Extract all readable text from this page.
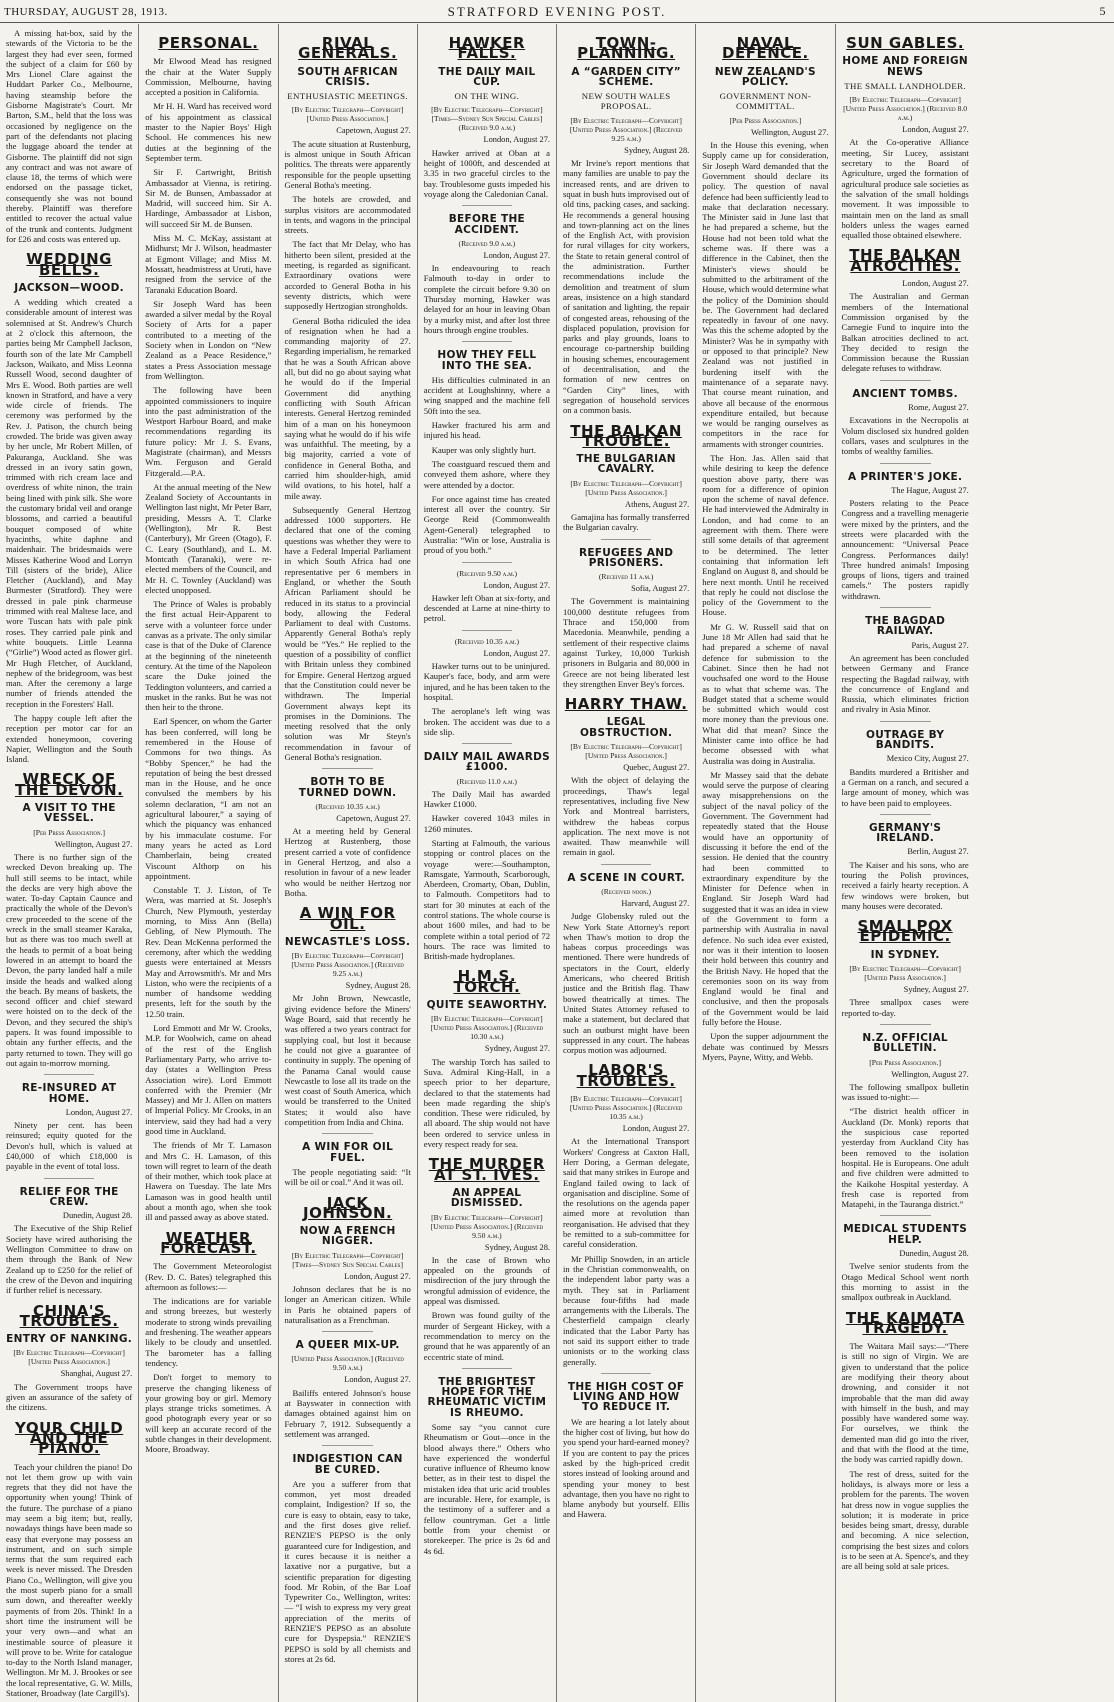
THURSDAY, AUGUST 28, 1913.	STRATFORD EVENING POST.	5

A missing hat-box, said by the stewards of the Victoria to be the largest they had ever seen, formed the subject of a claim for £60 by Mrs Lionel Clare against the Huddart Parker Co., Melbourne, having steamship before the Gisborne Magistrate's Court. Mr Barton, S.M., held that the loss was occasioned by negligence on the part of the defendants not placing the luggage aboard the tender at Gisborne. The plaintiff did not sign any contract and was not aware of clause 18, the terms of which were endorsed on the passage ticket, consequently she was not bound thereby. Plaintiff was therefore entitled to recover the actual value of the trunk and contents. Judgment for £26 and costs was entered up.

WEDDING BELLS.
JACKSON—WOOD.

A wedding which created a considerable amount of interest was solemnised at St. Andrew's Church at 2 o'clock this afternoon, the parties being Mr Campbell Jackson, fourth son of the late Mr Campbell Jackson, Waikato, and Miss Leonna Russell Wood, second daughter of Mrs E. Wood. Both parties are well known in Stratford, and have a very wide circle of friends. The ceremony was performed by the Rev. J. Patison, the church being crowded. The bride was given away by her uncle, Mr Robert Millen, of Pakuranga, Auckland. She was dressed in an ivory satin gown, trimmed with rich cream lace and overdress of white ninon, the train being lined with pink silk. She wore the customary bridal veil and orange blossoms, and carried a beautiful bouquet composed of white hyacinths, white daphne and maidenhair. The bridesmaids were Misses Katherine Wood and Lorryn Till (sisters of the bride), Alice Fletcher (Auckland), and May Burmester (Stratford). They were dressed in pale pink charmeuse trimmed with real Maltese lace, and wore Tuscan hats with pale pink roses. They carried pale pink and white bouquets. Little Leanna (“Girlie”) Wood acted as flower girl. Mr Hugh Fletcher, of Auckland, nephew of the bridegroom, was best man. After the ceremony a large number of friends attended the reception in the Foresters' Hall.

The happy couple left after the reception per motor car for an extended honeymoon, covering Napier, Wellington and the South Island.

WRECK OF THE DEVON.
A VISIT TO THE VESSEL.
[Per Press Association.]
Wellington, August 27.

There is no further sign of the wrecked Devon breaking up. The hull still seems to be intact, while the decks are very high above the water. To-day Captain Caunce and practically the whole of the Devon's crew proceeded to the scene of the wreck in the small steamer Karaka, but as there was too much swell at the heads to permit of a boat being lowered in an attempt to board the Devon, the party landed half a mile inside the heads and walked along the beach. By means of baskets, the second officer and chief steward were hoisted on to the deck of the Devon, and they secured the ship's papers. It was found impossible to obtain any further effects, and the party returned to town. They will go out again to-morrow morning.

RE-INSURED AT HOME.
London, August 27.

Ninety per cent. has been reinsured; equity quoted for the Devon's hull, which is valued at £40,000 of which £18,000 is payable in the event of total loss.

RELIEF FOR THE CREW.
Dunedin, August 28.

The Executive of the Ship Relief Society have wired authorising the Wellington Committee to draw on them through the Bank of New Zealand up to £250 for the relief of the crew of the Devon and inquiring if further relief is necessary.

CHINA'S TROUBLES.
ENTRY OF NANKING.
[By Electric Telegraph—Copyright] [United Press Association.]
Shanghai, August 27.

The Government troops have given an assurance of the safety of the citizens.

YOUR CHILD AND THE PIANO.

Teach your children the piano! Do not let them grow up with vain regrets that they did not have the opportunity when young! Think of the future. The purchase of a piano may seem a big item; but, really, nowadays things have been made so easy that everyone may possess an instrument, and on such simple terms that the sum required each week is never missed. The Dresden Piano Co., Wellington, will give you the most superb piano for a small sum down, and thereafter weekly payments of from 20s. Think! In a short time the instrument will be your very own—and what an inestimable source of pleasure it will prove to be. Write for catalogue to-day to the North Island manager, Wellington. Mr M. J. Brookes or see the local representative, G. W. Mills, Stationer, Broadway (late Cargill's).

PERSONAL.

Mr Elwood Mead has resigned the chair at the Water Supply Commission, Melbourne, having accepted a position in California.

Mr H. H. Ward has received word of his appointment as classical master to the Napier Boys' High School. He commences his new duties at the beginning of the September term.

Sir F. Cartwright, British Ambassador at Vienna, is retiring. Sir M. de Bunsen, Ambassador at Madrid, will succeed him. Sir A. Hardinge, Ambassador at Lisbon, will succeed Sir M. de Bunsen.

Miss M. C. McKay, assistant at Midhurst; Mr J. Wilson, headmaster at Egmont Village; and Miss M. Mossatt, headmistress at Uruti, have resigned from the service of the Taranaki Education Board.

Sir Joseph Ward has been awarded a silver medal by the Royal Society of Arts for a paper contributed to a meeting of the Society when in London on “New Zealand as a Peace Residence,” states a Press Association message from Wellington.

The following have been appointed commissioners to inquire into the past administration of the Westport Harbour Board, and make recommendations regarding its future policy: Mr J. S. Evans, Magistrate (chairman), and Messrs Wm. Ferguson and Gerald Fitzgerald.—P.A.

At the annual meeting of the New Zealand Society of Accountants in Wellington last night, Mr Peter Barr, presiding, Messrs A. T. Clarke (Wellington), Mr R. Best (Canterbury), Mr Green (Otago), F. C. Leary (Southland), and L. M. Montcath (Taranaki), were re-elected members of the Council, and Mr H. C. Townley (Auckland) was elected unopposed.

The Prince of Wales is probably the first actual Heir-Apparent to serve with a volunteer force under canvas as a private. The only similar case is that of the Duke of Clarence at the beginning of the nineteenth century. At the time of the Napoleon scare the Duke joined the Teddington volunteers, and carried a musket in the ranks. But he was not then heir to the throne.

Earl Spencer, on whom the Garter has been conferred, will long be remembered in the House of Commons for two things. As “Bobby Spencer,” he had the reputation of being the best dressed man in the House, and he once convulsed the members by his solemn declaration, “I am not an agricultural labourer,” a saying of which the piquancy was enhanced by his immaculate costume. For many years he acted as Lord Chamberlain, being created Viscount Althorp on his appointment.

Constable T. J. Liston, of Te Wera, was married at St. Joseph's Church, New Plymouth, yesterday morning, to Miss Ann (Bella) Gebling, of New Plymouth. The Rev. Dean McKenna performed the ceremony, after which the wedding guests were entertained at Messrs May and Arrowsmith's. Mr and Mrs Liston, who were the recipients of a number of handsome wedding presents, left for the south by the 12.50 train.

Lord Emmott and Mr W. Crooks, M.P. for Woolwich, came on ahead of the rest of the English Parliamentary Party, who arrive to-day (states a Wellington Press Association wire). Lord Emmott conferred with the Premier (Mr Massey) and Mr J. Allen on matters of Imperial Policy. Mr Crooks, in an interview, said they had had a very good time in Auckland.

The friends of Mr T. Lamason and Mrs C. H. Lamason, of this town will regret to learn of the death of their mother, which took place at Hawera on Tuesday. The late Mrs Lamason was in good health until about a month ago, when she took ill and passed away as above stated.

WEATHER FORECAST.

The Government Meteorologist (Rev. D. C. Bates) telegraphed this afternoon as follows:—

The indications are for variable and strong breezes, but westerly moderate to strong winds prevailing and freshening. The weather appears likely to be cloudy and unsettled. The barometer has a falling tendency.

Don't forget to memory to preserve the changing likeness of your growing boy or girl. Memory plays strange tricks sometimes. A good photograph every year or so will keep an accurate record of the subtle changes in their development. Moore, Broadway.

RIVAL GENERALS.
SOUTH AFRICAN CRISIS.
ENTHUSIASTIC MEETINGS.
[By Electric Telegraph—Copyright] [United Press Association.]
Capetown, August 27.

The acute situation at Rustenburg, is almost unique in South African politics. The threats were apparently responsible for the people upsetting General Botha's meeting.

The hotels are crowded, and surplus visitors are accommodated in tents, and wagons in the principal streets.

The fact that Mr Delay, who has hitherto been silent, presided at the meeting, is regarded as significant. Extraordinary ovations were accorded to General Botha in his seventy districts, which were supposedly Hertzogian strongholds.

General Botha ridiculed the idea of resignation when he had a commanding majority of 27. Regarding imperialism, he remarked that he was a South African above all, but did no go about saying what he would do if the Imperial Government did anything conflicting with South African interests. General Hertzog reminded him of a man on his honeymoon saying what he would do if his wife was unfaithful. The meeting, by a big majority, carried a vote of confidence in General Botha, and carried him shoulder-high, amid wild ovations, to his hotel, half a mile away.

Subsequently General Hertzog addressed 1000 supporters. He declared that one of the coming questions was whether they were to have a Federal Imperial Parliament in which South Africa had one representative per 6 members in England, or whether the South African Parliament should be reduced in its status to a provincial body, allowing the Federal Parliament to deal with Customs. Apparently General Botha's reply would be “Yes.” He replied to the question of a possibility of conflict with Britain unless they combined for Empire. General Hertzog argued that the Constitution could never be withdrawn. The Imperial Government always kept its promises in the Dominions. The meeting resolved that the only solution was Mr Steyn's recommendation in favour of General Botha's resignation.

BOTH TO BE TURNED DOWN.
(Received 10.35 a.m.)
Capetown, August 27.

At a meeting held by General Hertzog at Rustenberg, those present carried a vote of confidence in General Hertzog, and also a resolution in favour of a new leader who would be neither Hertzog nor Botha.

A WIN FOR OIL.
NEWCASTLE'S LOSS.
[By Electric Telegraph—Copyright] [United Press Association.] (Received 9.25 a.m.)
Sydney, August 28.

Mr John Brown, Newcastle, giving evidence before the Miners' Wage Board, said that recently he was offered a two years contract for supplying coal, but lost it because he could not give a guarantee of continuity in supply. The opening of the Panama Canal would cause Newcastle to lose all its trade on the west coast of South America, which would be transferred to the United States; it would also have competition from India and China.

A WIN FOR OIL FUEL.

The people negotiating said: “It will be oil or coal.” And it was oil.

JACK JOHNSON.
NOW A FRENCH NIGGER.
[By Electric Telegraph—Copyright] [Times—Sydney Sun Special Cables]
London, August 27.

Johnson declares that he is no longer an American citizen. While in Paris he obtained papers of naturalisation as a Frenchman.

A QUEER MIX-UP.
[United Press Association.] (Received 9.50 a.m.)
London, August 27.

Bailiffs entered Johnson's house at Bayswater in connection with damages obtained against him on February 7, 1912. Subsequently a settlement was arranged.

INDIGESTION CAN BE CURED.

Are you a sufferer from that common, yet most dreaded complaint, Indigestion? If so, the cure is easy to obtain, easy to take, and the first doses give relief. RENZIE'S PEPSO is the only guaranteed cure for Indigestion, and it cures because it is neither a laxative nor a purgative, but a scientific preparation for digesting food. Mr Robin, of the Bar Loaf Typewriter Co., Wellington, writes:— “I wish to express my very great appreciation of the merits of RENZIE'S PEPSO as an absolute cure for Dyspepsia.” RENZIE'S PEPSO is sold by all chemists and stores at 2s 6d.

HAWKER FALLS.
THE DAILY MAIL CUP.
ON THE WING.
[By Electric Telegraph—Copyright] [Times—Sydney Sun Special Cables] (Received 9.0 a.m.)
London, August 27.

Hawker arrived at Oban at a height of 1000ft, and descended at 3.35 in two graceful circles to the bay. Troublesome gusts impeded his voyage along the Caledonian Canal.

BEFORE THE ACCIDENT.
(Received 9.0 a.m.)
London, August 27.

In endeavouring to reach Falmouth to-day in order to complete the circuit before 9.30 on Thursday morning, Hawker was delayed for an hour in leaving Oban by a murky mist, and after lost three hours through engine troubles.

HOW THEY FELL INTO THE SEA.

His difficulties culminated in an accident at Loughshinny, where a wing snapped and the machine fell 50ft into the sea.

Hawker fractured his arm and injured his head.

Kauper was only slightly hurt.

The coastguard rescued them and conveyed them ashore, where they were attended by a doctor.

For once against time has created interest all over the country. Sir George Reid (Commonwealth Agent-General) telegraphed to Australia: “Win or lose, Australia is proud of you both.”

(Received 9.50 a.m.)
London, August 27.

Hawker left Oban at six-forty, and descended at Larne at nine-thirty to petrol.

(Received 10.35 a.m.)
London, August 27.

Hawker turns out to be uninjured. Kauper's face, body, and arm were injured, and he has been taken to the hospital.

The aeroplane's left wing was broken. The accident was due to a side slip.

DAILY MAIL AWARDS £1000.
(Received 11.0 a.m.)

The Daily Mail has awarded Hawker £1000.

Hawker covered 1043 miles in 1260 minutes.

Starting at Falmouth, the various stopping or control places on the voyage were:—Southampton, Ramsgate, Yarmouth, Scarborough, Aberdeen, Cromarty, Oban, Dublin, to Falmouth. Competitors had to start for 30 minutes at each of the control stations. The whole course is about 1600 miles, and had to be complete within a total period of 72 hours. The race was limited to British-made hydroplanes.

H.M.S. TORCH.
QUITE SEAWORTHY.
[By Electric Telegraph—Copyright] [United Press Association.] (Received 10.30 a.m.)
Sydney, August 27.

The warship Torch has sailed to Suva. Admiral King-Hall, in a speech prior to her departure, declared to that the statements had been made regarding the ship's condition. These were ridiculed, by all aboard. The ship would not have been ordered to service unless in every respect ready for sea.

THE MURDER AT ST. IVES.
AN APPEAL DISMISSED.
[By Electric Telegraph—Copyright] [United Press Association.] (Received 9.50 a.m.)
Sydney, August 28.

In the case of Brown who appealed on the grounds of misdirection of the jury through the wrongful admission of evidence, the appeal was dismissed.

Brown was found guilty of the murder of Sergeant Hickey, with a recommendation to mercy on the ground that he was apparently of an eccentric state of mind.

THE BRIGHTEST HOPE FOR THE RHEUMATIC VICTIM IS RHEUMO.

Some say “you cannot cure Rheumatism or Gout—once in the blood always there.” Others who have experienced the wonderful curative influence of Rheumo know better, as in their test to dispel the mistaken idea that uric acid troubles are incurable. Here, for example, is the testimony of a sufferer and a fellow countryman. Get a little bottle from your chemist or storekeeper. The price is 2s 6d and 4s 6d.

TOWN-PLANNING.
A “GARDEN CITY” SCHEME.
NEW SOUTH WALES PROPOSAL.
[By Electric Telegraph—Copyright] [United Press Association.] (Received 9.25 a.m.)
Sydney, August 28.

Mr Irvine's report mentions that many families are unable to pay the increased rents, and are driven to squat in bush huts improvised out of old tins, packing cases, and sacking. He recommends a general housing and town-planning act on the lines of the English Act, with provision for rural villages for city workers, the State to retain general control of the administration. Further recommendations include the demolition and treatment of slum areas, insistence on a high standard of sanitation and lighting, the repair of congested areas, rehousing of the displaced population, provision for parks and play grounds, loans to encourage co-partnership building in housing schemes, encouragement of decentralisation, and the formation of new centres on “Garden City” lines, with segregation of household services on a common basis.

THE BALKAN TROUBLE.
THE BULGARIAN CAVALRY.
[By Electric Telegraph—Copyright] [United Press Association.]
Athens, August 27.

Gamajina has formally transferred the Bulgarian cavalry.

REFUGEES AND PRISONERS.
(Received 11 a.m.)
Sofia, August 27.

The Government is maintaining 100,000 destitute refugees from Thrace and 150,000 from Macedonia. Meanwhile, pending a settlement of their respective claims against Turkey, 10,000 Turkish prisoners in Bulgaria and 80,000 in Greece are not being liberated lest they strengthen Enver Bey's forces.

HARRY THAW.
LEGAL OBSTRUCTION.
[By Electric Telegraph—Copyright] [United Press Association.]
Quebec, August 27.

With the object of delaying the proceedings, Thaw's legal representatives, including five New York and Montreal barristers, withdrew the habeas corpus application. The next move is not awaited. Thaw meanwhile will remain in gaol.

A SCENE IN COURT.
(Received noon.)
Harvard, August 27.

Judge Globensky ruled out the New York State Attorney's report when Thaw's motion to drop the habeas corpus proceedings was mentioned. There were hundreds of spectators in the Court, elderly Americans, who cheered British justice and the British flag. Thaw bowed theatrically at times. The United States Attorney refused to make a statement, but declared that such an outburst might have been suppressed in any court. The habeas corpus motion was adjourned.

LABOR'S TROUBLES.
[By Electric Telegraph—Copyright] [United Press Association.] (Received 10.35 a.m.)
London, August 27.

At the International Transport Workers' Congress at Caxton Hall, Herr Doring, a German delegate, said that many strikes in Europe and England failed owing to lack of organisation and discipline. Some of the resolutions on the agenda paper aimed more at revolution than reorganisation. He advised that they be remitted to a sub-committee for careful consideration.

Mr Phillip Snowden, in an article in the Christian commonwealth, on the independent labor party was a myth. They sat in Parliament because four-fifths had made arrangements with the Liberals. The Chesterfield campaign clearly indicated that the Labor Party has not said its support either to trade unionists or to the working class generally.

THE HIGH COST OF LIVING AND HOW TO REDUCE IT.

We are hearing a lot lately about the higher cost of living, but how do you spend your hard-earned money? If you are content to pay the prices asked by the high-priced credit stores instead of looking around and spending your money to best advantage, then you have no right to blame anybody but yourself. Ellis and Hawera.

NAVAL DEFENCE.
NEW ZEALAND'S POLICY.
GOVERNMENT NON-COMMITTAL.
[Per Press Association.]
Wellington, August 27.

In the House this evening, when Supply came up for consideration, Sir Joseph Ward demanded that the Government should declare its policy. The question of naval defence had been sufficiently lead to make that declaration necessary. The Minister said in June last that he had prepared a scheme, but the House had not been told what the scheme was. If there was a difference in the Cabinet, then the Minister's views should be submitted to the arbitrament of the House, which would determine what the policy of the Dominion should be. The Government had declared repeatedly in favour of one navy. Was this the scheme adopted by the Minister? Was he in sympathy with or opposed to that principle? New Zealand was not justified in burdening itself with the maintenance of a separate navy. That course meant ruination, and above all because of the enormous expenditure entailed, but because we would be ranging ourselves as competitors in the race for armaments with stronger countries.

The Hon. Jas. Allen said that while desiring to keep the defence question above party, there was room for a difference of opinion upon the scheme of naval defence. He had interviewed the Admiralty in London, and had come to an agreement with them. There were still some details of that agreement to be determined. The letter containing that information left England on August 8, and should be here next month. Until he received that reply he could not disclose the policy of the Government to the House.

Mr G. W. Russell said that on June 18 Mr Allen had said that he had prepared a scheme of naval defence for submission to the Cabinet. Since then he had not vouchsafed one word to the House as to what that scheme was. The Budget stated that a scheme would be submitted which would cost more money than the previous one. What did that mean? Since the Minister came into office he had become obsessed with what Australia was doing in Australia.

Mr Massey said that the debate would serve the purpose of clearing away misapprehensions on the subject of the naval policy of the Government. The Government had repeatedly stated that the House would have an opportunity of discussing it before the end of the session. He denied that the country had been committed to extraordinary expenditure by the Minister for Defence when in England. Sir Joseph Ward had suggested that it was an idea in view of the Government to form a partnership with Australia in naval defence. No such idea ever existed, nor was it their intention to loosen their hold between this country and the British Navy. He hoped that the ceremonies soon on its way from England would be final and conclusive, and then the proposals of the Government would be laid fully before the House.

Upon the supper adjournment the debate was continued by Messrs Myers, Payne, Witty, and Webb.

SUN GABLES.
HOME AND FOREIGN NEWS
THE SMALL LANDHOLDER.
[By Electric Telegraph—Copyright] [United Press Association.] (Received 8.0 a.m.)
London, August 27.

At the Co-operative Alliance meeting, Sir Lucey, assistant secretary to the Board of Agriculture, urged the formation of agricultural produce sale societies as the salvation of the small holdings movement. It was impossible to maintain men on the land as small holders unless the wages earned equalled those obtained elsewhere.

THE BALKAN ATROCITIES.
London, August 27.

The Australian and German members of the International Commission organised by the Carnegie Fund to inquire into the Balkan atrocities declined to act. They decided to resign the Commission because the Russian delegate refuses to withdraw.

ANCIENT TOMBS.
Rome, August 27.

Excavations in the Necropolis at Volum disclosed six hundred golden collars, vases and sculptures in the tombs of wealthy families.

A PRINTER'S JOKE.
The Hague, August 27.

Posters relating to the Peace Congress and a travelling menagerie were mixed by the printers, and the streets were placarded with the announcement: “Universal Peace Congress. Performances daily! Three hundred animals! Imposing groups of lions, tigers and trained camels.” The posters rapidly withdrawn.

THE BAGDAD RAILWAY.
Paris, August 27.

An agreement has been concluded between Germany and France respecting the Bagdad railway, with the concurrence of England and Russia, which eliminates friction and rivalry in Asia Minor.

OUTRAGE BY BANDITS.
Mexico City, August 27.

Bandits murdered a Britisher and a German on a ranch, and secured a large amount of money, which was to have been paid to employees.

GERMANY'S IRELAND.
Berlin, August 27.

The Kaiser and his sons, who are touring the Polish provinces, received a fairly hearty reception. A few windows were broken, but many houses were decorated.

SMALLPOX EPIDEMIC.
IN SYDNEY.
[By Electric Telegraph—Copyright] [United Press Association.]
Sydney, August 27.

Three smallpox cases were reported to-day.

N.Z. OFFICIAL BULLETIN.
[Per Press Association.]
Wellington, August 27.

The following smallpox bulletin was issued to-night:—

“The district health officer in Auckland (Dr. Monk) reports that the suspicious case reported yesterday from Auckland City has been removed to the isolation hospital. He is Europeans. One adult and five children were admitted to the Kaikohe Hospital yesterday. A fresh case is reported from Matapehi, in the Tauranga district.”

MEDICAL STUDENTS HELP.
Dunedin, August 28.

Twelve senior students from the Otago Medical School went north this morning to assist in the smallpox outbreak in Auckland.

THE KAIMATA TRAGEDY.

The Waitara Mail says:—“There is still no sign of Virgin. We are given to understand that the police are modifying their theory about drowning, and consider it not improbable that the man did away with himself in the bush, and may possibly have wandered some way. For ourselves, we think the demented man did go into the river, and that with the flood at the time, the body was carried rapidly down.

The rest of dress, suited for the holidays, is always more or less a problem for the parents. The woven hat dress now in vogue supplies the solution; it is moderate in price besides being smart, dressy, durable and becoming. A nice selection, comprising the best sizes and colors is to be seen at A. Spence's, and they are all being sold at sale prices.
